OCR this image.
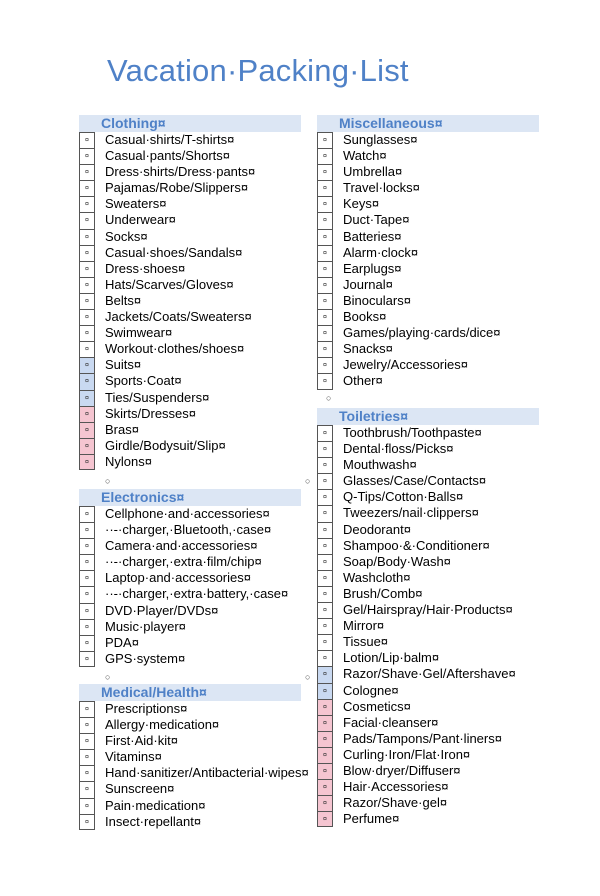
Vacation·Packing·List
Clothing¤
¤	Casual·shirts/T-shirts¤
¤	Casual·pants/Shorts¤
¤	Dress·shirts/Dress·pants¤
¤	Pajamas/Robe/Slippers¤
¤	Sweaters¤
¤	Underwear¤
¤	Socks¤
¤	Casual·shoes/Sandals¤
¤	Dress·shoes¤
¤	Hats/Scarves/Gloves¤
¤	Belts¤
¤	Jackets/Coats/Sweaters¤
¤	Swimwear¤
¤	Workout·clothes/shoes¤
¤	Suits¤
¤	Sports·Coat¤
¤	Ties/Suspenders¤
¤	Skirts/Dresses¤
¤	Bras¤
¤	Girdle/Bodysuit/Slip¤
¤	Nylons¤
○
Electronics¤
¤	Cellphone·and·accessories¤
¤	··-·charger,·Bluetooth,·case¤
¤	Camera·and·accessories¤
¤	··-·charger,·extra·film/chip¤
¤	Laptop·and·accessories¤
¤	··-·charger,·extra·battery,·case¤
¤	DVD·Player/DVDs¤
¤	Music·player¤
¤	PDA¤
¤	GPS·system¤
○
Medical/Health¤
¤	Prescriptions¤
¤	Allergy·medication¤
¤	First·Aid·kit¤
¤	Vitamins¤
¤	Hand·sanitizer/Antibacterial·wipes¤
¤	Sunscreen¤
¤	Pain·medication¤
¤	Insect·repellant¤
Miscellaneous¤
¤	Sunglasses¤
¤	Watch¤
¤	Umbrella¤
¤	Travel·locks¤
¤	Keys¤
¤	Duct·Tape¤
¤	Batteries¤
¤	Alarm·clock¤
¤	Earplugs¤
¤	Journal¤
¤	Binoculars¤
¤	Books¤
¤	Games/playing·cards/dice¤
¤	Snacks¤
¤	Jewelry/Accessories¤
¤	Other¤
○
Toiletries¤
¤	Toothbrush/Toothpaste¤
¤	Dental·floss/Picks¤
¤	Mouthwash¤
¤	Glasses/Case/Contacts¤
¤	Q-Tips/Cotton·Balls¤
¤	Tweezers/nail·clippers¤
¤	Deodorant¤
¤	Shampoo·&·Conditioner¤
¤	Soap/Body·Wash¤
¤	Washcloth¤
¤	Brush/Comb¤
¤	Gel/Hairspray/Hair·Products¤
¤	Mirror¤
¤	Tissue¤
¤	Lotion/Lip·balm¤
¤	Razor/Shave·Gel/Aftershave¤
¤	Cologne¤
¤	Cosmetics¤
¤	Facial·cleanser¤
¤	Pads/Tampons/Pant·liners¤
¤	Curling·Iron/Flat·Iron¤
¤	Blow·dryer/Diffuser¤
¤	Hair·Accessories¤
¤	Razor/Shave·gel¤
¤	Perfume¤
○
○
